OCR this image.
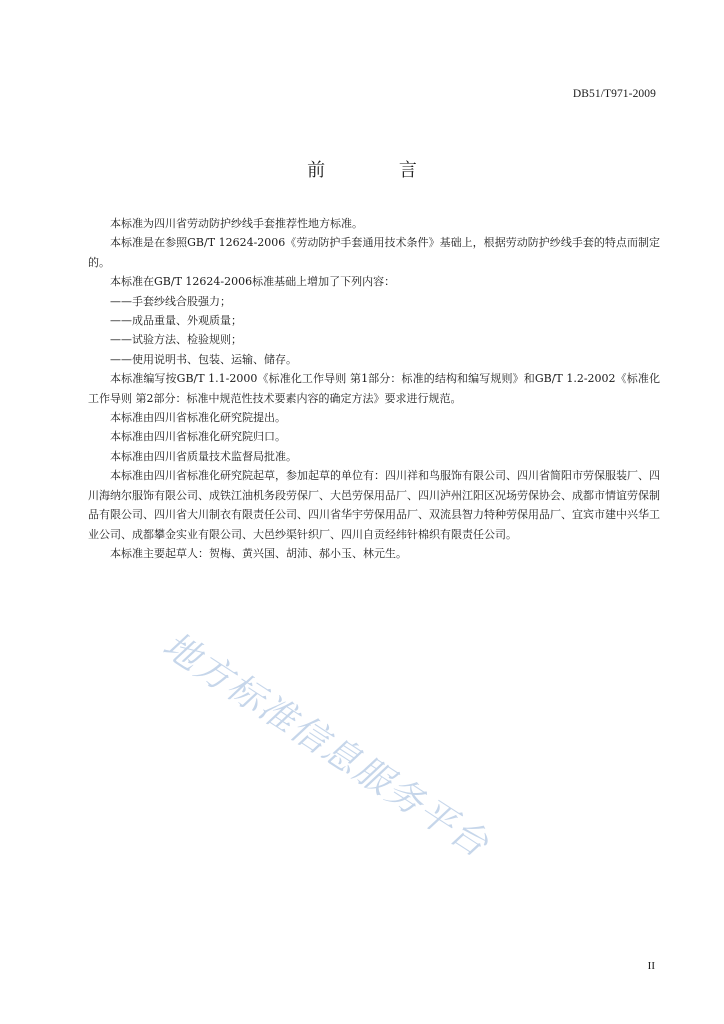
DB51/T971-2009
前 言

本标准为四川省劳动防护纱线手套推荐性地方标准。

本标准是在参照GB/T 12624-2006《劳动防护手套通用技术条件》基础上，根据劳动防护纱线手套的特点而制定的。

本标准在GB/T 12624-2006标准基础上增加了下列内容：

——手套纱线合股强力；

——成品重量、外观质量；

——试验方法、检验规则；

——使用说明书、包装、运输、储存。

本标准编写按GB/T 1.1-2000《标准化工作导则 第1部分：标准的结构和编写规则》和GB/T 1.2-2002《标准化工作导则 第2部分：标准中规范性技术要素内容的确定方法》要求进行规范。

本标准由四川省标准化研究院提出。

本标准由四川省标准化研究院归口。

本标准由四川省质量技术监督局批准。

本标准由四川省标准化研究院起草，参加起草的单位有：四川祥和鸟服饰有限公司、四川省简阳市劳保服装厂、四川海纳尔服饰有限公司、成铁江油机务段劳保厂、大邑劳保用品厂、四川泸州江阳区况场劳保协会、成都市情谊劳保制品有限公司、四川省大川制衣有限责任公司、四川省华宇劳保用品厂、双流县智力特种劳保用品厂、宜宾市建中兴华工业公司、成都攀金实业有限公司、大邑纱渠针织厂、四川自贡经纬针棉织有限责任公司。

本标准主要起草人：贺梅、黄兴国、胡沛、郝小玉、林元生。

地方标准信息服务平台
II
